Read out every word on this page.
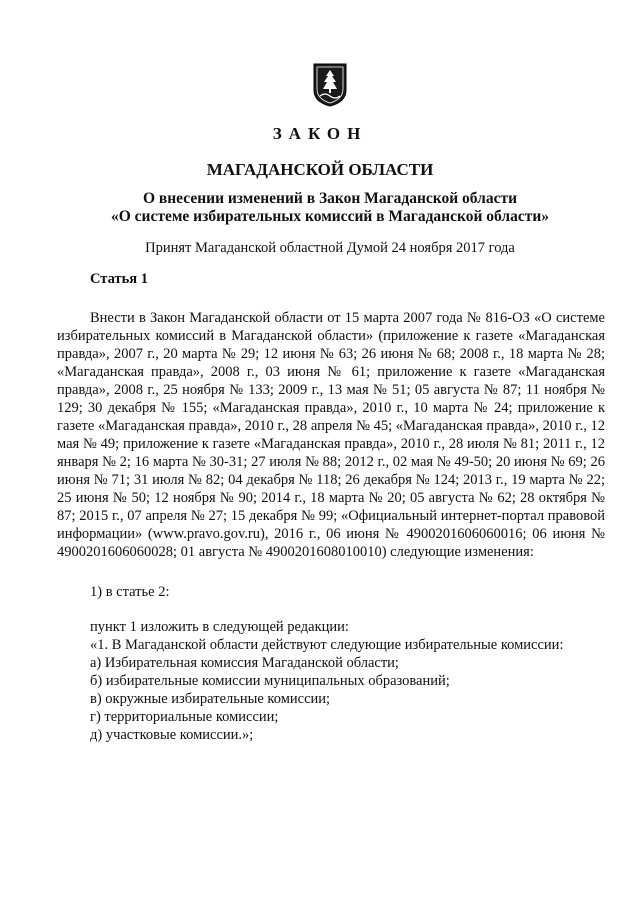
ЗАКОН
МАГАДАНСКОЙ ОБЛАСТИ
О внесении изменений в Закон Магаданской области
«О системе избирательных комиссий в Магаданской области»
Принят Магаданской областной Думой 24 ноября 2017 года
Статья 1
Внести в Закон Магаданской области от 15 марта 2007 года № 816-ОЗ «О системе избирательных комиссий в Магаданской области» (приложение к газете «Магаданская правда», 2007 г., 20 марта № 29; 12 июня № 63; 26 июня № 68; 2008 г., 18 марта № 28; «Магаданская правда», 2008 г., 03 июня № 61; приложение к газете «Магаданская правда», 2008 г., 25 ноября № 133; 2009 г., 13 мая № 51; 05 августа № 87; 11 ноября № 129; 30 декабря № 155; «Магаданская правда», 2010 г., 10 марта № 24; приложение к газете «Магаданская правда», 2010 г., 28 апреля № 45; «Магаданская правда», 2010 г., 12 мая № 49; приложение к газете «Магаданская правда», 2010 г., 28 июля № 81; 2011 г., 12 января № 2; 16 марта № 30-31; 27 июля № 88; 2012 г., 02 мая № 49-50; 20 июня № 69; 26 июня № 71; 31 июля № 82; 04 декабря № 118; 26 декабря № 124; 2013 г., 19 марта № 22; 25 июня № 50; 12 ноября № 90; 2014 г., 18 марта № 20; 05 августа № 62; 28 октября № 87; 2015 г., 07 апреля № 27; 15 декабря № 99; «Официальный интернет-портал правовой информации» (www.pravo.gov.ru), 2016 г., 06 июня № 4900201606060016; 06 июня № 4900201606060028; 01 августа № 4900201608010010) следующие изменения:
1) в статье 2:
пункт 1 изложить в следующей редакции:
«1. В Магаданской области действуют следующие избирательные комиссии:
а) Избирательная комиссия Магаданской области;
б) избирательные комиссии муниципальных образований;
в) окружные избирательные комиссии;
г) территориальные комиссии;
д) участковые комиссии.»;
